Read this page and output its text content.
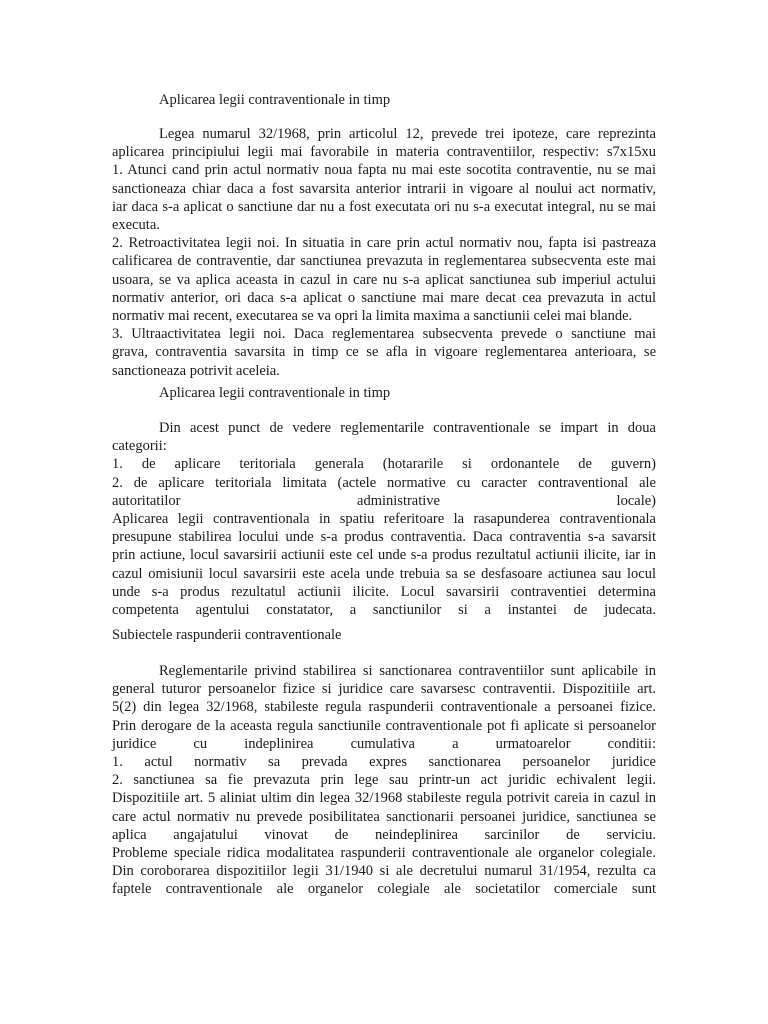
Aplicarea legii contraventionale in timp

Legea numarul 32/1968, prin articolul 12, prevede trei ipoteze, care reprezinta

aplicarea principiului legii mai favorabile in materia contraventiilor, respectiv: s7x15xu

1. Atunci cand prin actul normativ noua fapta nu mai este socotita contraventie, nu se mai

sanctioneaza chiar daca a fost savarsita anterior intrarii in vigoare al noului act normativ,

iar daca s-a aplicat o sanctiune dar nu a fost executata ori nu s-a executat integral, nu se mai

executa.

2. Retroactivitatea legii noi. In situatia in care prin actul normativ nou, fapta isi pastreaza

calificarea de contraventie, dar sanctiunea prevazuta in reglementarea subsecventa este mai

usoara, se va aplica aceasta in cazul in care nu s-a aplicat sanctiunea sub imperiul actului

normativ anterior, ori daca s-a aplicat o sanctiune mai mare decat cea prevazuta in actul

normativ mai recent, executarea se va opri la limita maxima a sanctiunii celei mai blande.

3. Ultraactivitatea legii noi. Daca reglementarea subsecventa prevede o sanctiune mai

grava, contraventia savarsita in timp ce se afla in vigoare reglementarea anterioara, se

sanctioneaza potrivit aceleia.

Aplicarea legii contraventionale in timp

Din acest punct de vedere reglementarile contraventionale se impart in doua

categorii:

1. de aplicare teritoriala generala (hotararile si ordonantele de guvern)

2. de aplicare teritoriala limitata (actele normative cu caracter contraventional ale

autoritatilor administrative locale)

Aplicarea legii contraventionala in spatiu referitoare la rasapunderea contraventionala

presupune stabilirea locului unde s-a produs contraventia. Daca contraventia s-a savarsit

prin actiune, locul savarsirii actiunii este cel unde s-a produs rezultatul actiunii ilicite, iar in

cazul omisiunii locul savarsirii este acela unde trebuia sa se desfasoare actiunea sau locul

unde s-a produs rezultatul actiunii ilicite. Locul savarsirii contraventiei determina

competenta agentului constatator, a sanctiunilor si a instantei de judecata.

Subiectele raspunderii contraventionale

Reglementarile privind stabilirea si sanctionarea contraventiilor sunt aplicabile in

general tuturor persoanelor fizice si juridice care savarsesc contraventii. Dispozitiile art.

5(2) din legea 32/1968, stabileste regula raspunderii contraventionale a persoanei fizice.

Prin derogare de la aceasta regula sanctiunile contraventionale pot fi aplicate si persoanelor

juridice cu indeplinirea cumulativa a urmatoarelor conditii:

1. actul normativ sa prevada expres sanctionarea persoanelor juridice

2. sanctiunea sa fie prevazuta prin lege sau printr-un act juridic echivalent legii.

Dispozitiile art. 5 aliniat ultim din legea 32/1968 stabileste regula potrivit careia in cazul in

care actul normativ nu prevede posibilitatea sanctionarii persoanei juridice, sanctiunea se

aplica angajatului vinovat de neindeplinirea sarcinilor de serviciu.

Probleme speciale ridica modalitatea raspunderii contraventionale ale organelor colegiale.

Din coroborarea dispozitiilor legii 31/1940 si ale decretului numarul 31/1954, rezulta ca

faptele contraventionale ale organelor colegiale ale societatilor comerciale sunt
